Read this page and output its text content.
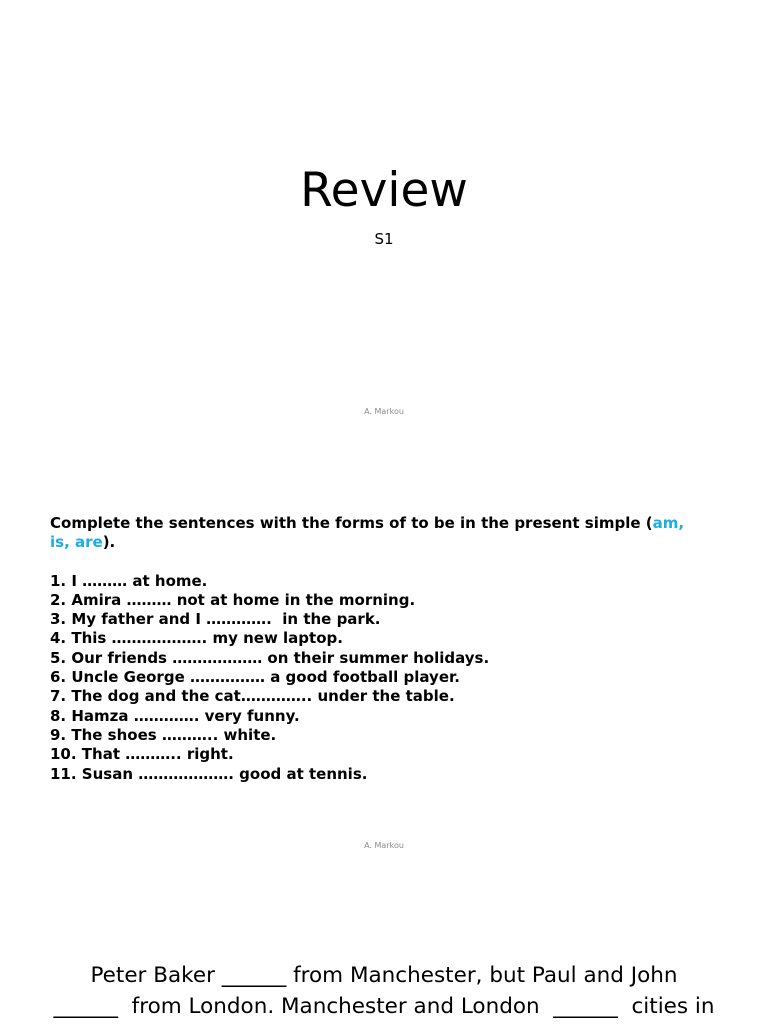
Review
S1
A. Markou

Complete the sentences with the forms of to be in the present simple (am, is, are).

1. I ……… at home.
2. Amira ……… not at home in the morning.
3. My father and I ………….  in the park.
4. This ………………. my new laptop.
5. Our friends ……………… on their summer holidays.
6. Uncle George …………… a good football player.
7. The dog and the cat………….. under the table.
8. Hamza …………. very funny.
9. The shoes ……….. white.
10. That ……….. right.
11. Susan ………………. good at tennis.
A. Markou

Peter Baker ______ from Manchester, but Paul and John

______  from London. Manchester and London  ______  cities in
